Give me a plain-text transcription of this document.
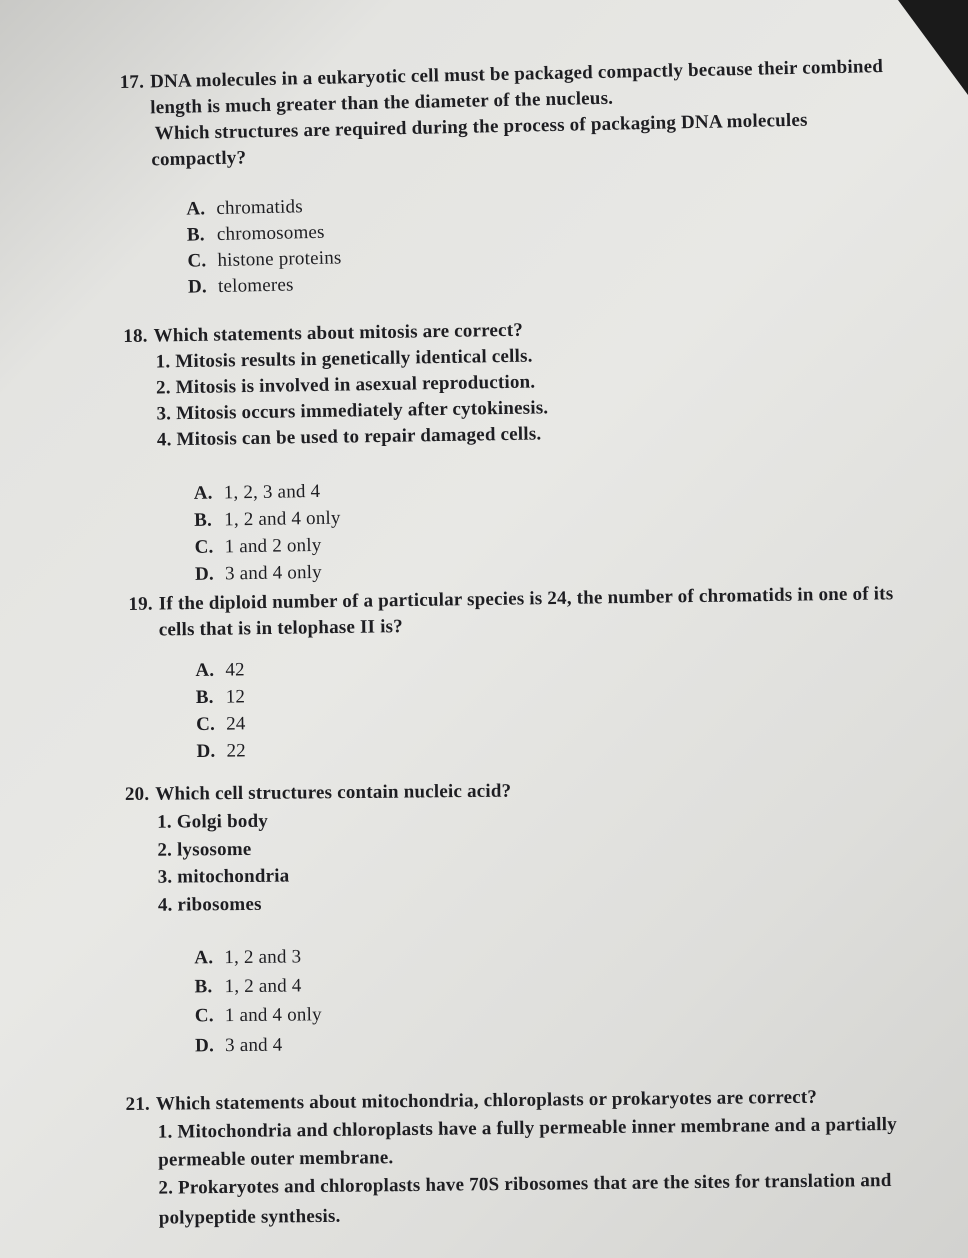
17. DNA molecules in a eukaryotic cell must be packaged compactly because their combined
length is much greater than the diameter of the nucleus.
Which structures are required during the process of packaging DNA molecules
compactly?
A. chromatids
B. chromosomes
C. histone proteins
D. telomeres
18. Which statements about mitosis are correct?
1. Mitosis results in genetically identical cells.
2. Mitosis is involved in asexual reproduction.
3. Mitosis occurs immediately after cytokinesis.
4. Mitosis can be used to repair damaged cells.
A. 1, 2, 3 and 4
B. 1, 2 and 4 only
C. 1 and 2 only
D. 3 and 4 only
19. If the diploid number of a particular species is 24, the number of chromatids in one of its
cells that is in telophase II is?
A. 42
B. 12
C. 24
D. 22
20. Which cell structures contain nucleic acid?
1. Golgi body
2. lysosome
3. mitochondria
4. ribosomes
A. 1, 2 and 3
B. 1, 2 and 4
C. 1 and 4 only
D. 3 and 4
21. Which statements about mitochondria, chloroplasts or prokaryotes are correct?
1. Mitochondria and chloroplasts have a fully permeable inner membrane and a partially
permeable outer membrane.
2. Prokaryotes and chloroplasts have 70S ribosomes that are the sites for translation and
polypeptide synthesis.
